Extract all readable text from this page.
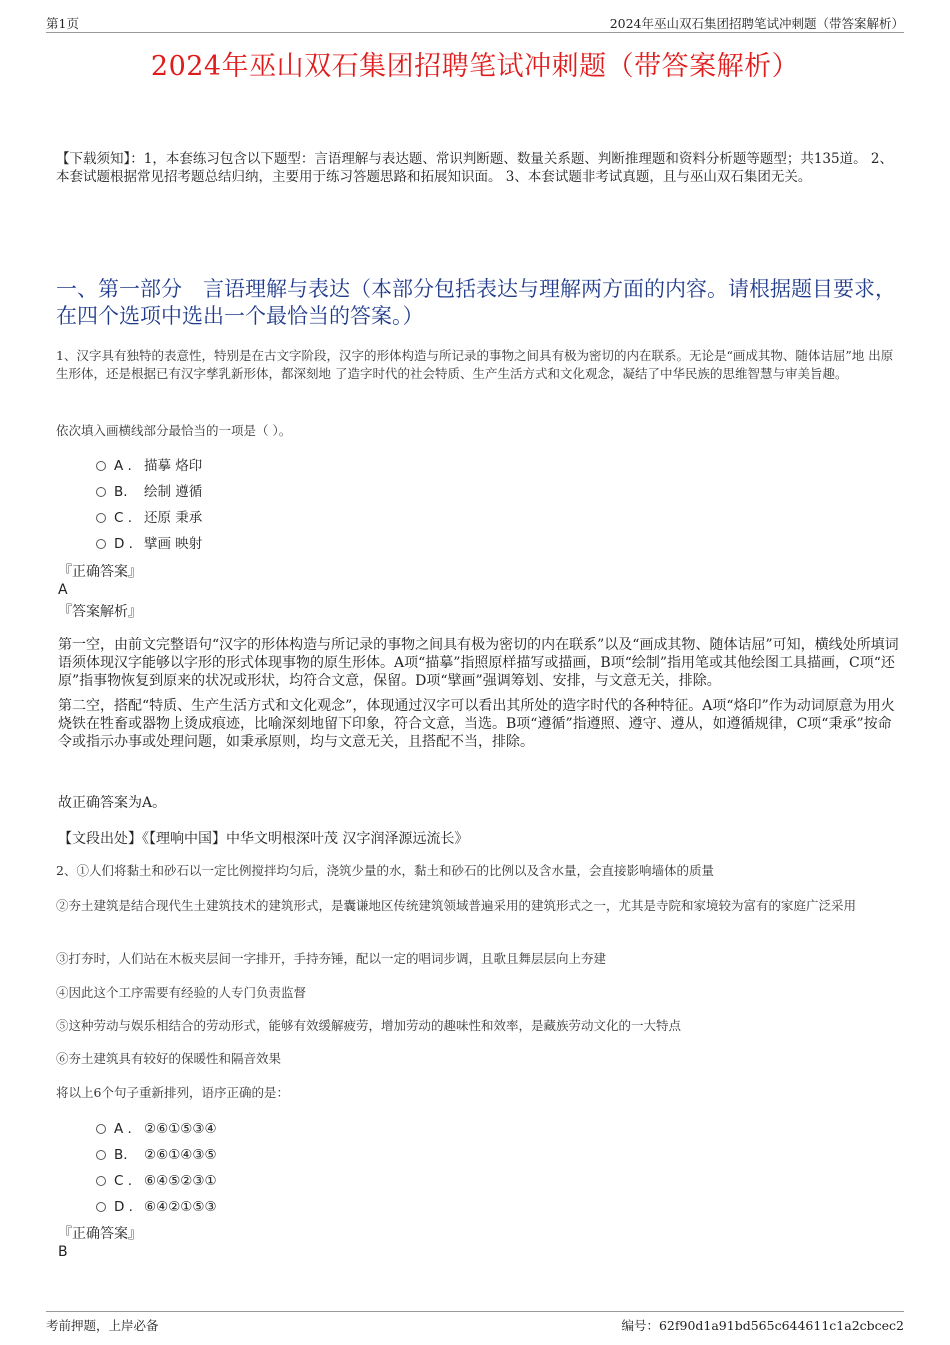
第1页	2024年巫山双石集团招聘笔试冲刺题（带答案解析）
2024年巫山双石集团招聘笔试冲刺题（带答案解析）
【下载须知】：1，本套练习包含以下题型：言语理解与表达题、常识判断题、数量关系题、判断推理题和资料分析题等题型；共135道。 2、本套试题根据常见招考题总结归纳，主要用于练习答题思路和拓展知识面。 3、本套试题非考试真题，且与巫山双石集团无关。
一、第一部分　言语理解与表达（本部分包括表达与理解两方面的内容。请根据题目要求，在四个选项中选出一个最恰当的答案。）
1、汉字具有独特的表意性，特别是在古文字阶段，汉字的形体构造与所记录的事物之间具有极为密切的内在联系。无论是“画成其物、随体诘屈”地 出原生形体，还是根据已有汉字孳乳新形体，都深刻地 了造字时代的社会特质、生产生活方式和文化观念，凝结了中华民族的思维智慧与审美旨趣。
依次填入画横线部分最恰当的一项是（ ）。
A . 描摹 烙印
B. 绘制 遵循
C . 还原 秉承
D . 擘画 映射
『正确答案』
A
『答案解析』
第一空，由前文完整语句“汉字的形体构造与所记录的事物之间具有极为密切的内在联系”以及“画成其物、随体诘屈”可知，横线处所填词语须体现汉字能够以字形的形式体现事物的原生形体。A项“描摹”指照原样描写或描画，B项“绘制”指用笔或其他绘图工具描画，C项“还原”指事物恢复到原来的状况或形状，均符合文意，保留。D项“擘画”强调筹划、安排，与文意无关，排除。
第二空，搭配“特质、生产生活方式和文化观念”，体现通过汉字可以看出其所处的造字时代的各种特征。A项“烙印”作为动词原意为用火烧铁在牲畜或器物上烫成痕迹，比喻深刻地留下印象，符合文意，当选。B项“遵循”指遵照、遵守、遵从，如遵循规律，C项“秉承”按命令或指示办事或处理问题，如秉承原则，均与文意无关，且搭配不当，排除。
故正确答案为A。
【文段出处】《【理响中国】中华文明根深叶茂 汉字润泽源远流长》
2、①人们将黏土和砂石以一定比例搅拌均匀后，浇筑少量的水，黏土和砂石的比例以及含水量，会直接影响墙体的质量
②夯土建筑是结合现代生土建筑技术的建筑形式，是囊谦地区传统建筑领域普遍采用的建筑形式之一，尤其是寺院和家境较为富有的家庭广泛采用
③打夯时，人们站在木板夹层间一字排开，手持夯锤，配以一定的唱词步调，且歌且舞层层向上夯建
④因此这个工序需要有经验的人专门负责监督
⑤这种劳动与娱乐相结合的劳动形式，能够有效缓解疲劳，增加劳动的趣味性和效率，是藏族劳动文化的一大特点
⑥夯土建筑具有较好的保暖性和隔音效果
将以上6个句子重新排列，语序正确的是：
A . ②⑥①⑤③④
B. ②⑥①④③⑤
C . ⑥④⑤②③①
D . ⑥④②①⑤③
『正确答案』
B
考前押题，上岸必备	编号：62f90d1a91bd565c644611c1a2cbcec2
